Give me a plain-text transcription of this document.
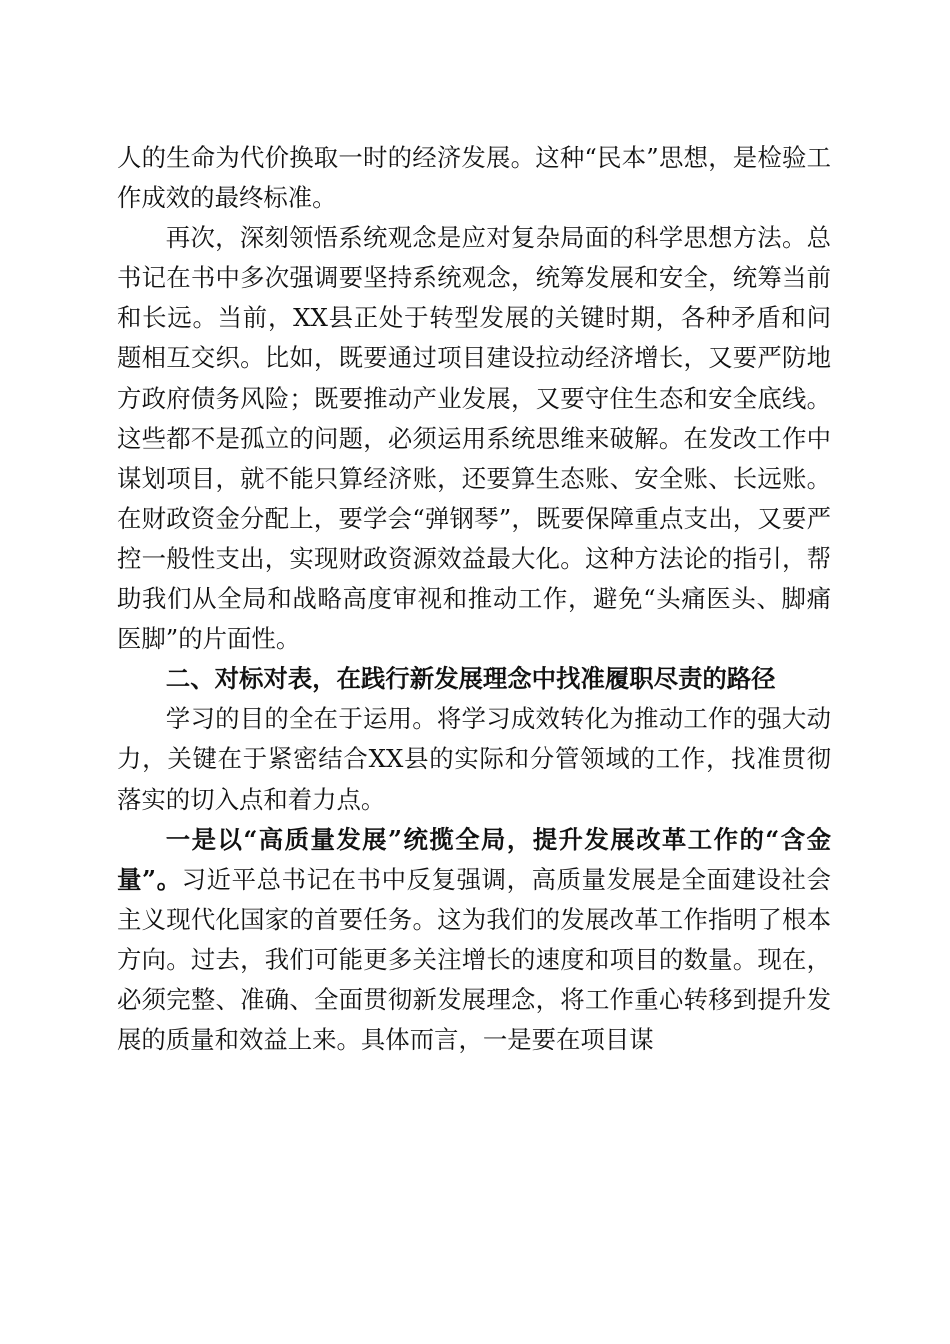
人的生命为代价换取一时的经济发展。这种“民本”思想，是检验工作成效的最终标准。

再次，深刻领悟系统观念是应对复杂局面的科学思想方法。总书记在书中多次强调要坚持系统观念，统筹发展和安全，统筹当前和长远。当前，XX县正处于转型发展的关键时期，各种矛盾和问题相互交织。比如，既要通过项目建设拉动经济增长，又要严防地方政府债务风险；既要推动产业发展，又要守住生态和安全底线。这些都不是孤立的问题，必须运用系统思维来破解。在发改工作中谋划项目，就不能只算经济账，还要算生态账、安全账、长远账。在财政资金分配上，要学会“弹钢琴”，既要保障重点支出，又要严控一般性支出，实现财政资源效益最大化。这种方法论的指引，帮助我们从全局和战略高度审视和推动工作，避免“头痛医头、脚痛医脚”的片面性。

二、对标对表，在践行新发展理念中找准履职尽责的路径

学习的目的全在于运用。将学习成效转化为推动工作的强大动力，关键在于紧密结合XX县的实际和分管领域的工作，找准贯彻落实的切入点和着力点。

一是以“高质量发展”统揽全局，提升发展改革工作的“含金量”。习近平总书记在书中反复强调，高质量发展是全面建设社会主义现代化国家的首要任务。这为我们的发展改革工作指明了根本方向。过去，我们可能更多关注增长的速度和项目的数量。现在，必须完整、准确、全面贯彻新发展理念，将工作重心转移到提升发展的质量和效益上来。具体而言，一是要在项目谋
